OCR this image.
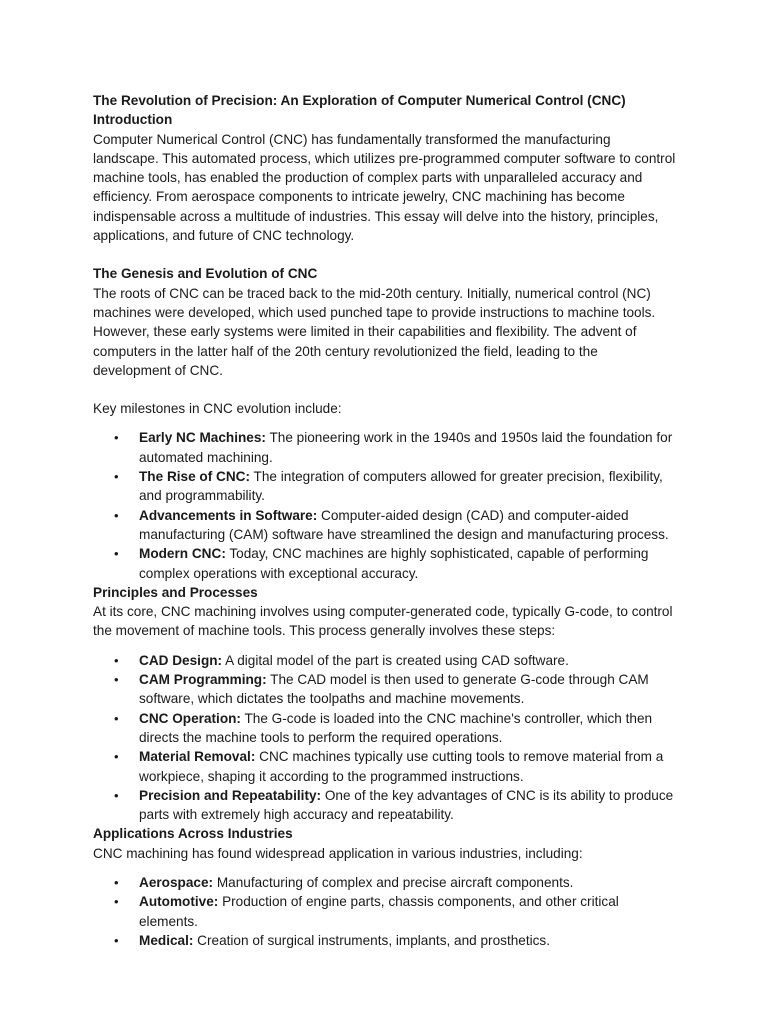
The Revolution of Precision: An Exploration of Computer Numerical Control (CNC)

Introduction

Computer Numerical Control (CNC) has fundamentally transformed the manufacturing landscape. This automated process, which utilizes pre-programmed computer software to control machine tools, has enabled the production of complex parts with unparalleled accuracy and efficiency. From aerospace components to intricate jewelry, CNC machining has become indispensable across a multitude of industries. This essay will delve into the history, principles, applications, and future of CNC technology.

The Genesis and Evolution of CNC

The roots of CNC can be traced back to the mid-20th century. Initially, numerical control (NC) machines were developed, which used punched tape to provide instructions to machine tools. However, these early systems were limited in their capabilities and flexibility. The advent of computers in the latter half of the 20th century revolutionized the field, leading to the development of CNC.

Key milestones in CNC evolution include:

• Early NC Machines: The pioneering work in the 1940s and 1950s laid the foundation for automated machining.
• The Rise of CNC: The integration of computers allowed for greater precision, flexibility, and programmability.
• Advancements in Software: Computer-aided design (CAD) and computer-aided manufacturing (CAM) software have streamlined the design and manufacturing process.
• Modern CNC: Today, CNC machines are highly sophisticated, capable of performing complex operations with exceptional accuracy.

Principles and Processes

At its core, CNC machining involves using computer-generated code, typically G-code, to control the movement of machine tools. This process generally involves these steps:

• CAD Design: A digital model of the part is created using CAD software.
• CAM Programming: The CAD model is then used to generate G-code through CAM software, which dictates the toolpaths and machine movements.
• CNC Operation: The G-code is loaded into the CNC machine's controller, which then directs the machine tools to perform the required operations.
• Material Removal: CNC machines typically use cutting tools to remove material from a workpiece, shaping it according to the programmed instructions.
• Precision and Repeatability: One of the key advantages of CNC is its ability to produce parts with extremely high accuracy and repeatability.

Applications Across Industries

CNC machining has found widespread application in various industries, including:

• Aerospace: Manufacturing of complex and precise aircraft components.
• Automotive: Production of engine parts, chassis components, and other critical elements.
• Medical: Creation of surgical instruments, implants, and prosthetics.
